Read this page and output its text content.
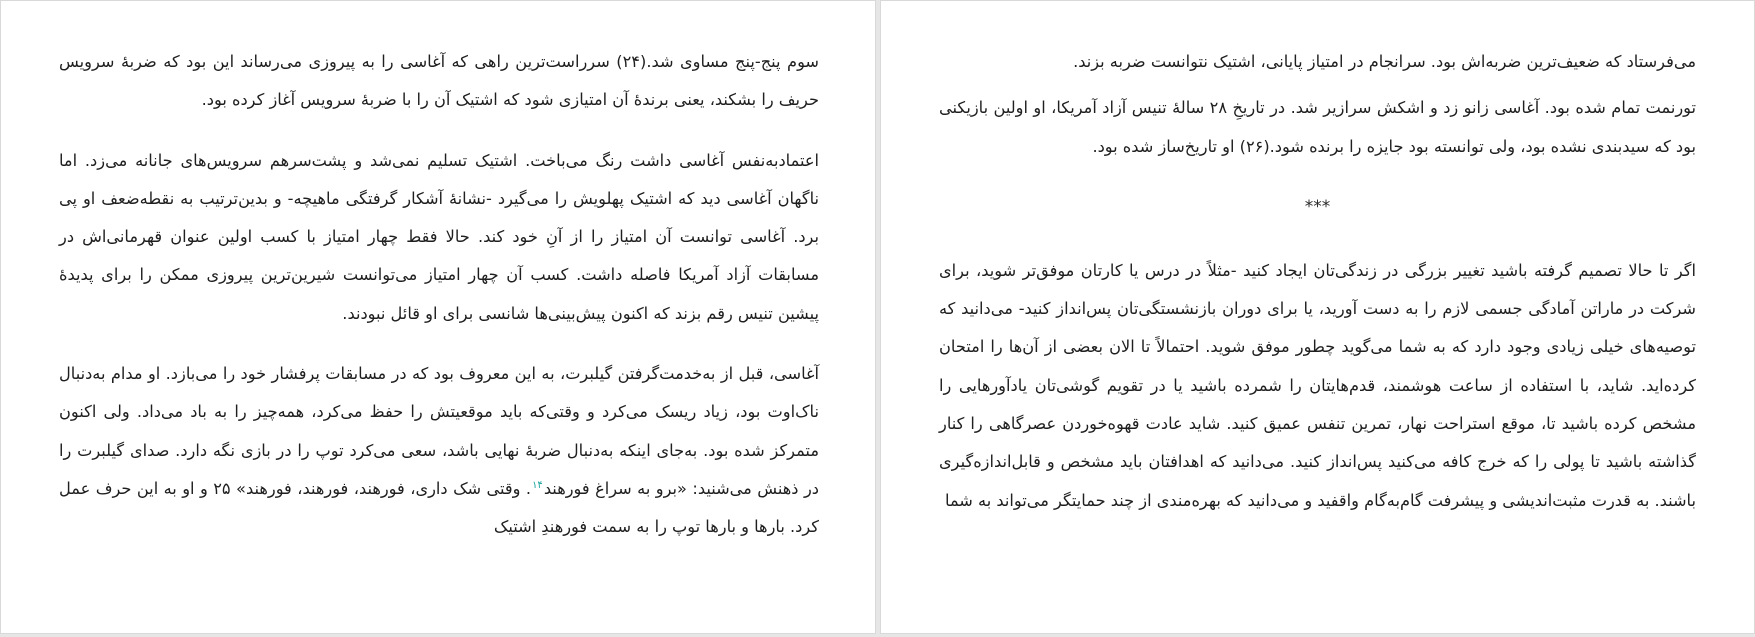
سوم پنج‌-پنج مساوی شد.(۲۴) سرراست‌ترین راهی که آغاسی را به پیروزی می‌رساند این بود که ضربهٔ سرویس حریف را بشکند، یعنی برندهٔ آن امتیازی شود که اشتیک آن را با ضربهٔ سرویس آغاز کرده بود.

اعتمادبه‌نفس آغاسی داشت رنگ می‌باخت. اشتیک تسلیم نمی‌شد و پشت‌سرهم سرویس‌های جانانه می‌زد. اما ناگهان آغاسی دید که اشتیک پهلویش را می‌گیرد -نشانهٔ آشکار گرفتگی ماهیچه- و بدین‌ترتیب به نقطه‌ضعف او پی برد. آغاسی توانست آن امتیاز را از آنِ خود کند. حالا فقط چهار امتیاز با کسب اولین عنوان قهرمانی‌اش در مسابقات آزاد آمریکا فاصله داشت. کسب آن چهار امتیاز می‌توانست شیرین‌ترین پیروزی ممکن را برای پدیدهٔ پیشین تنیس رقم بزند که اکنون پیش‌بینی‌ها شانسی برای او قائل نبودند.

آغاسی، قبل از به‌خدمت‌گرفتن گیلبرت، به این معروف بود که در مسابقات پرفشار خود را می‌بازد. او مدام به‌دنبال ناک‌اوت بود، زیاد ریسک می‌کرد و وقتی‌که باید موقعیتش را حفظ می‌کرد، همه‌چیز را به باد می‌داد. ولی اکنون متمرکز شده بود. به‌جای اینکه به‌دنبال ضربهٔ نهایی باشد، سعی می‌کرد توپ را در بازی نگه دارد. صدای گیلبرت را در ذهنش می‌شنید: «برو به سراغ فورهند$^{۱۴}$. وقتی شک داری، فورهند، فورهند، فورهند» ۲۵ و او به این حرف عمل کرد. بارها و بارها توپ را به سمت فورهندِ اشتیک

می‌فرستاد که ضعیف‌ترین ضربه‌اش بود. سرانجام در امتیاز پایانی، اشتیک نتوانست ضربه بزند.

تورنمت تمام شده بود. آغاسی زانو زد و اشکش سرازیر شد. در تاریخِ ۲۸ سالهٔ تنیس آزاد آمریکا، او اولین بازیکنی بود که سیدبندی نشده بود، ولی توانسته بود جایزه را برنده شود.(۲۶) او تاریخ‌ساز شده بود.

***

اگر تا حالا تصمیم گرفته باشید تغییر بزرگی در زندگی‌تان ایجاد کنید -مثلاً در درس یا کارتان موفق‌تر شوید، برای شرکت در ماراتن آمادگی جسمی لازم را به دست آورید، یا برای دوران بازنشستگی‌تان پس‌انداز کنید- می‌دانید که توصیه‌های خیلی زیادی وجود دارد که به شما می‌گوید چطور موفق شوید. احتمالاً تا الان بعضی از آن‌ها را امتحان کرده‌اید. شاید، با استفاده از ساعت هوشمند، قدم‌هایتان را شمرده باشید یا در تقویم گوشی‌تان یادآورهایی را مشخص کرده باشید تا، موقع استراحت نهار، تمرین تنفس عمیق کنید. شاید عادت قهوه‌خوردن عصرگاهی را کنار گذاشته باشید تا پولی را که خرج کافه می‌کنید پس‌انداز کنید. می‌دانید که اهدافتان باید مشخص و قابل‌اندازه‌گیری باشند. به قدرت مثبت‌اندیشی و پیشرفت گام‌به‌گام واقفید و می‌دانید که بهره‌مندی از چند حمایتگر می‌تواند به شما
